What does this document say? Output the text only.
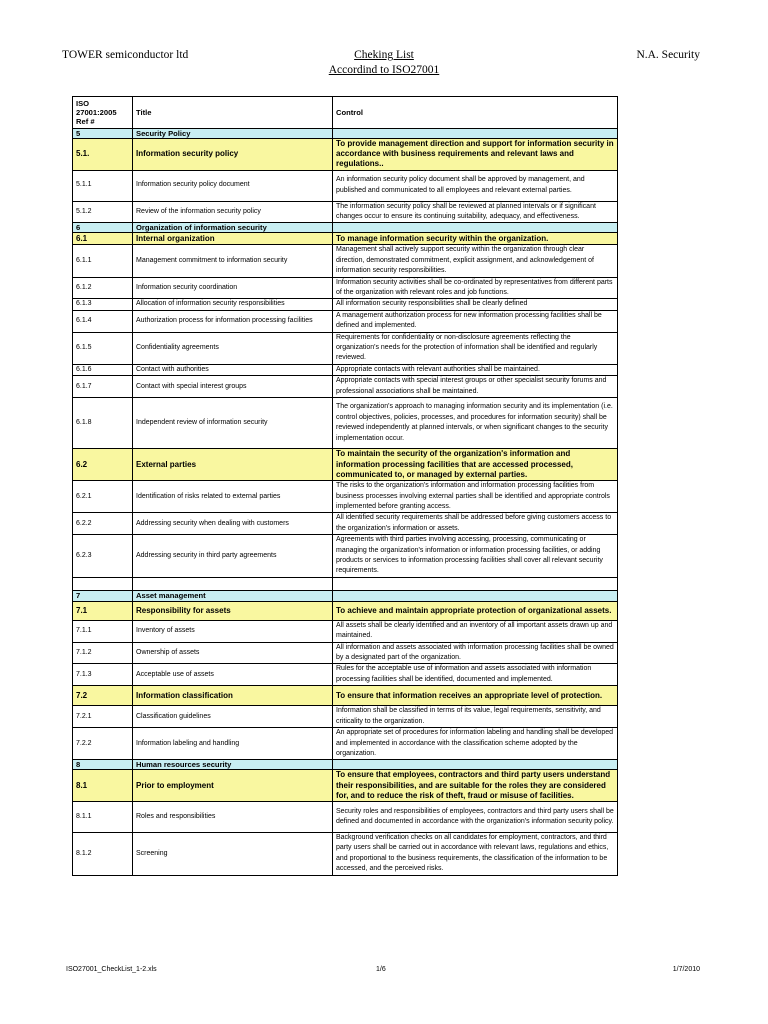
TOWER semiconductor ltd	Cheking List
Accordind to ISO27001
N.A. Security
ISO 27001:2005 Ref #	Title	Control
5	Security Policy	
5.1.	Information security policy	To provide management direction and support for information security in accordance with business requirements and relevant laws and regulations..
5.1.1	Information security policy document	An information security policy document shall be approved by management, and published and communicated to all employees and relevant external parties.
5.1.2	Review of the information security policy	The information security policy shall be reviewed at planned intervals or if significant changes occur to ensure its continuing suitability, adequacy, and effectiveness.
6	Organization of information security	
6.1	Internal organization	To manage information security within the organization.
6.1.1	Management commitment to information security	Management shall actively support security within the organization through clear direction, demonstrated commitment, explicit assignment, and acknowledgement of information security responsibilities.
6.1.2	Information security coordination	Information security activities shall be co-ordinated by representatives from different parts of the organization with relevant roles and job functions.
6.1.3	Allocation of information security responsibilities	All information security responsibilities shall be clearly defined
6.1.4	Authorization process for information processing facilities	A management authorization process for new information processing facilities shall be defined and implemented.
6.1.5	Confidentiality agreements	Requirements for confidentiality or non-disclosure agreements reflecting the organization's needs for the protection of information shall be identified and regularly reviewed.
6.1.6	Contact with authorities	Appropriate contacts with relevant authorities shall be maintained.
6.1.7	Contact with special interest groups	Appropriate contacts with special interest groups or other specialist security forums and professional associations shall be maintained.
6.1.8	Independent review of information security	The organization's approach to managing information security and its implementation (i.e. control objectives, policies, processes, and procedures for information security) shall be reviewed independently at planned intervals, or when significant changes to the security implementation occur.
6.2	External parties	To maintain the security of the organization's information and information processing facilities that are accessed processed, communicated to, or managed by external parties.
6.2.1	Identification of risks related to external parties	The risks to the organization's information and information processing facilities from business processes involving external parties shall be identified and appropriate controls implemented before granting access.
6.2.2	Addressing security when dealing with customers	All identified security requirements shall be addressed before giving customers access to the organization's information or assets.
6.2.3	Addressing security in third party agreements	Agreements with third parties involving accessing, processing, communicating or managing the organization's information or information processing facilities, or adding products or services to information processing facilities shall cover all relevant security requirements.

7	Asset management	
7.1	Responsibility for assets	To achieve and maintain appropriate protection of organizational assets.
7.1.1	Inventory of assets	All assets shall be clearly identified and an inventory of all important assets drawn up and maintained.
7.1.2	Ownership of assets	All information and assets associated with information processing facilities shall be owned by a designated part of the organization.
7.1.3	Acceptable use of assets	Rules for the acceptable use of information and assets associated with information processing facilities shall be identified, documented and implemented.
7.2	Information classification	To ensure that information receives an appropriate level of protection.
7.2.1	Classification guidelines	Information shall be classified in terms of its value, legal requirements, sensitivity, and criticality to the organization.
7.2.2	Information labeling and handling	An appropriate set of procedures for information labeling and handling shall be developed and implemented in accordance with the classification scheme adopted by the organization.
8	Human resources security	
8.1	Prior to employment	To ensure that employees, contractors and third party users understand their responsibilities, and are suitable for the roles they are considered for, and to reduce the risk of theft, fraud or misuse of facilities.
8.1.1	Roles and responsibilities	Security roles and responsibilities of employees, contractors and third party users shall be defined and documented in accordance with the organization's information security policy.
8.1.2	Screening	Background verification checks on all candidates for employment, contractors, and third party users shall be carried out in accordance with relevant laws, regulations and ethics, and proportional to the business requirements, the classification of the information to be accessed, and the perceived risks.
ISO27001_CheckList_1-2.xls	1/6	1/7/2010
